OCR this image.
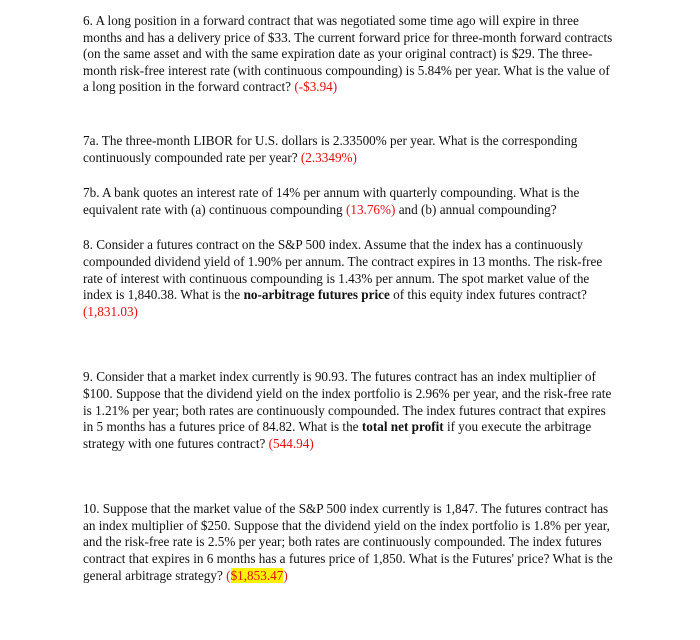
6. A long position in a forward contract that was negotiated some time ago will expire in three months and has a delivery price of $33. The current forward price for three-month forward contracts (on the same asset and with the same expiration date as your original contract) is $29. The three-month risk-free interest rate (with continuous compounding) is 5.84% per year. What is the value of a long position in the forward contract? (-$3.94)

7a. The three-month LIBOR for U.S. dollars is 2.33500% per year. What is the corresponding continuously compounded rate per year? (2.3349%)

7b. A bank quotes an interest rate of 14% per annum with quarterly compounding. What is the equivalent rate with (a) continuous compounding (13.76%) and (b) annual compounding?

8. Consider a futures contract on the S&P 500 index. Assume that the index has a continuously compounded dividend yield of 1.90% per annum. The contract expires in 13 months. The risk-free rate of interest with continuous compounding is 1.43% per annum. The spot market value of the index is 1,840.38. What is the no-arbitrage futures price of this equity index futures contract? (1,831.03)

9. Consider that a market index currently is 90.93. The futures contract has an index multiplier of $100. Suppose that the dividend yield on the index portfolio is 2.96% per year, and the risk-free rate is 1.21% per year; both rates are continuously compounded. The index futures contract that expires in 5 months has a futures price of 84.82. What is the total net profit if you execute the arbitrage strategy with one futures contract? (544.94)

10. Suppose that the market value of the S&P 500 index currently is 1,847. The futures contract has an index multiplier of $250. Suppose that the dividend yield on the index portfolio is 1.8% per year, and the risk-free rate is 2.5% per year; both rates are continuously compounded. The index futures contract that expires in 6 months has a futures price of 1,850. What is the Futures' price? What is the general arbitrage strategy? ($1,853.47)
